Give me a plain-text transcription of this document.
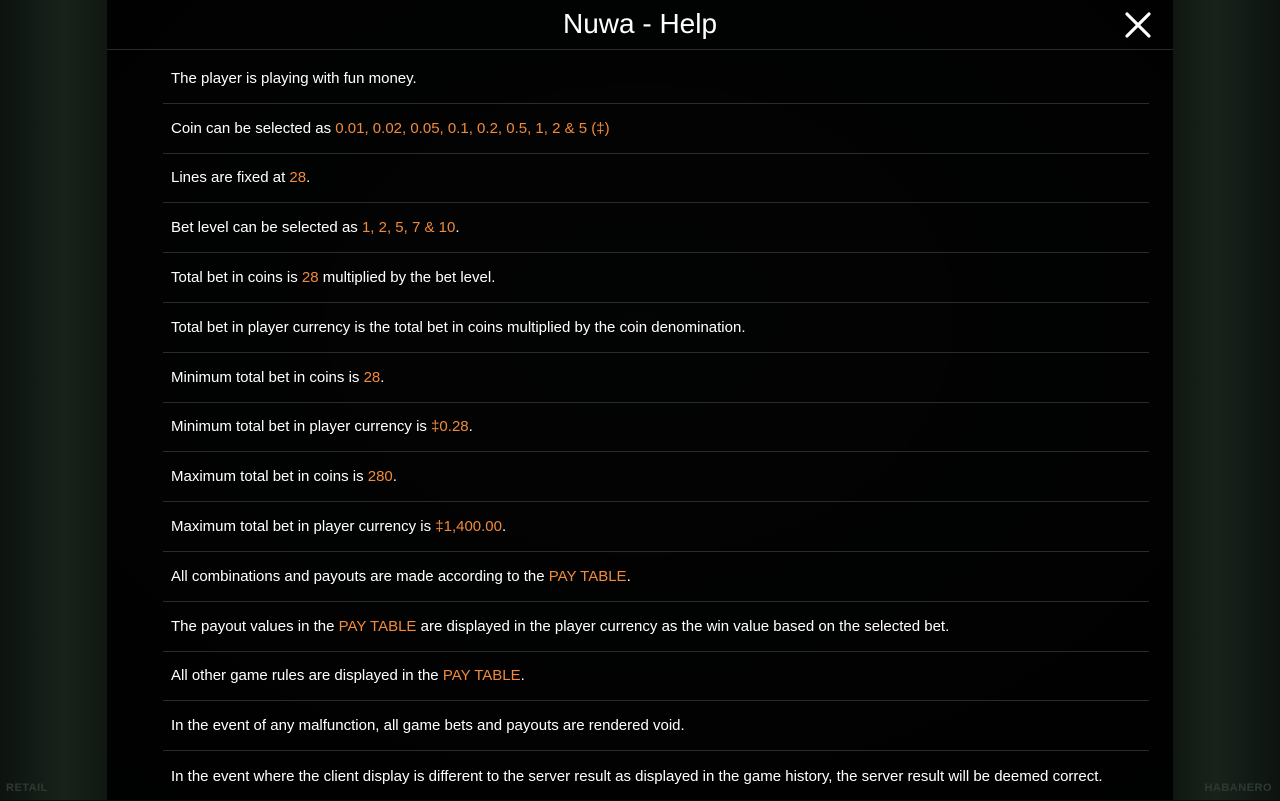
RETAIL	HABANERO
Nuwa - Help
The player is playing with fun money.
Coin can be selected as 0.01, 0.02, 0.05, 0.1, 0.2, 0.5, 1, 2 & 5 (‡)
Lines are fixed at 28 .
Bet level can be selected as 1, 2, 5, 7 & 10 .
Total bet in coins is 28 multiplied by the bet level.
Total bet in player currency is the total bet in coins multiplied by the coin denomination.
Minimum total bet in coins is 28 .
Minimum total bet in player currency is ‡0.28 .
Maximum total bet in coins is 280 .
Maximum total bet in player currency is ‡1,400.00 .
All combinations and payouts are made according to the PAY TABLE .
The payout values in the PAY TABLE are displayed in the player currency as the win value based on the selected bet.
All other game rules are displayed in the PAY TABLE .
In the event of any malfunction, all game bets and payouts are rendered void.
In the event where the client display is different to the server result as displayed in the game history, the server result will be deemed correct.
